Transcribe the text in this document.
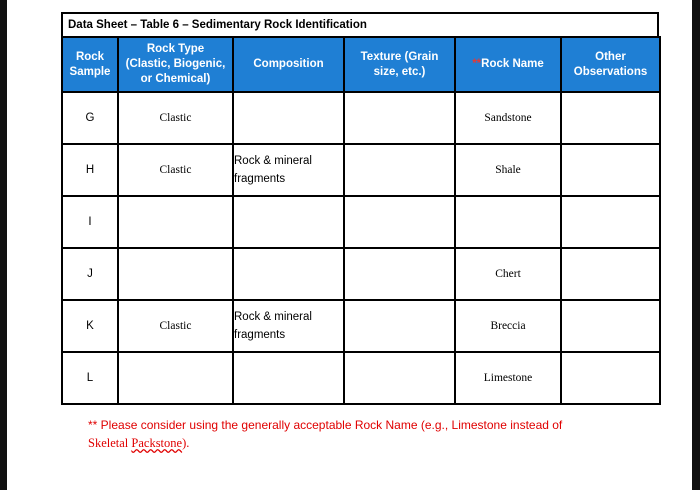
Data Sheet – Table 6 – Sedimentary Rock Identification
Rock Sample	Rock Type (Clastic, Biogenic, or Chemical)	Composition	Texture (Grain size, etc.)	**Rock Name	Other Observations
G	Clastic			Sandstone	
H	Clastic	Rock & mineral fragments		Shale	
I					
J				Chert	
K	Clastic	Rock & mineral fragments		Breccia	
L				Limestone	
** Please consider using the generally acceptable Rock Name (e.g., Limestone instead of
Skeletal Packstone).
